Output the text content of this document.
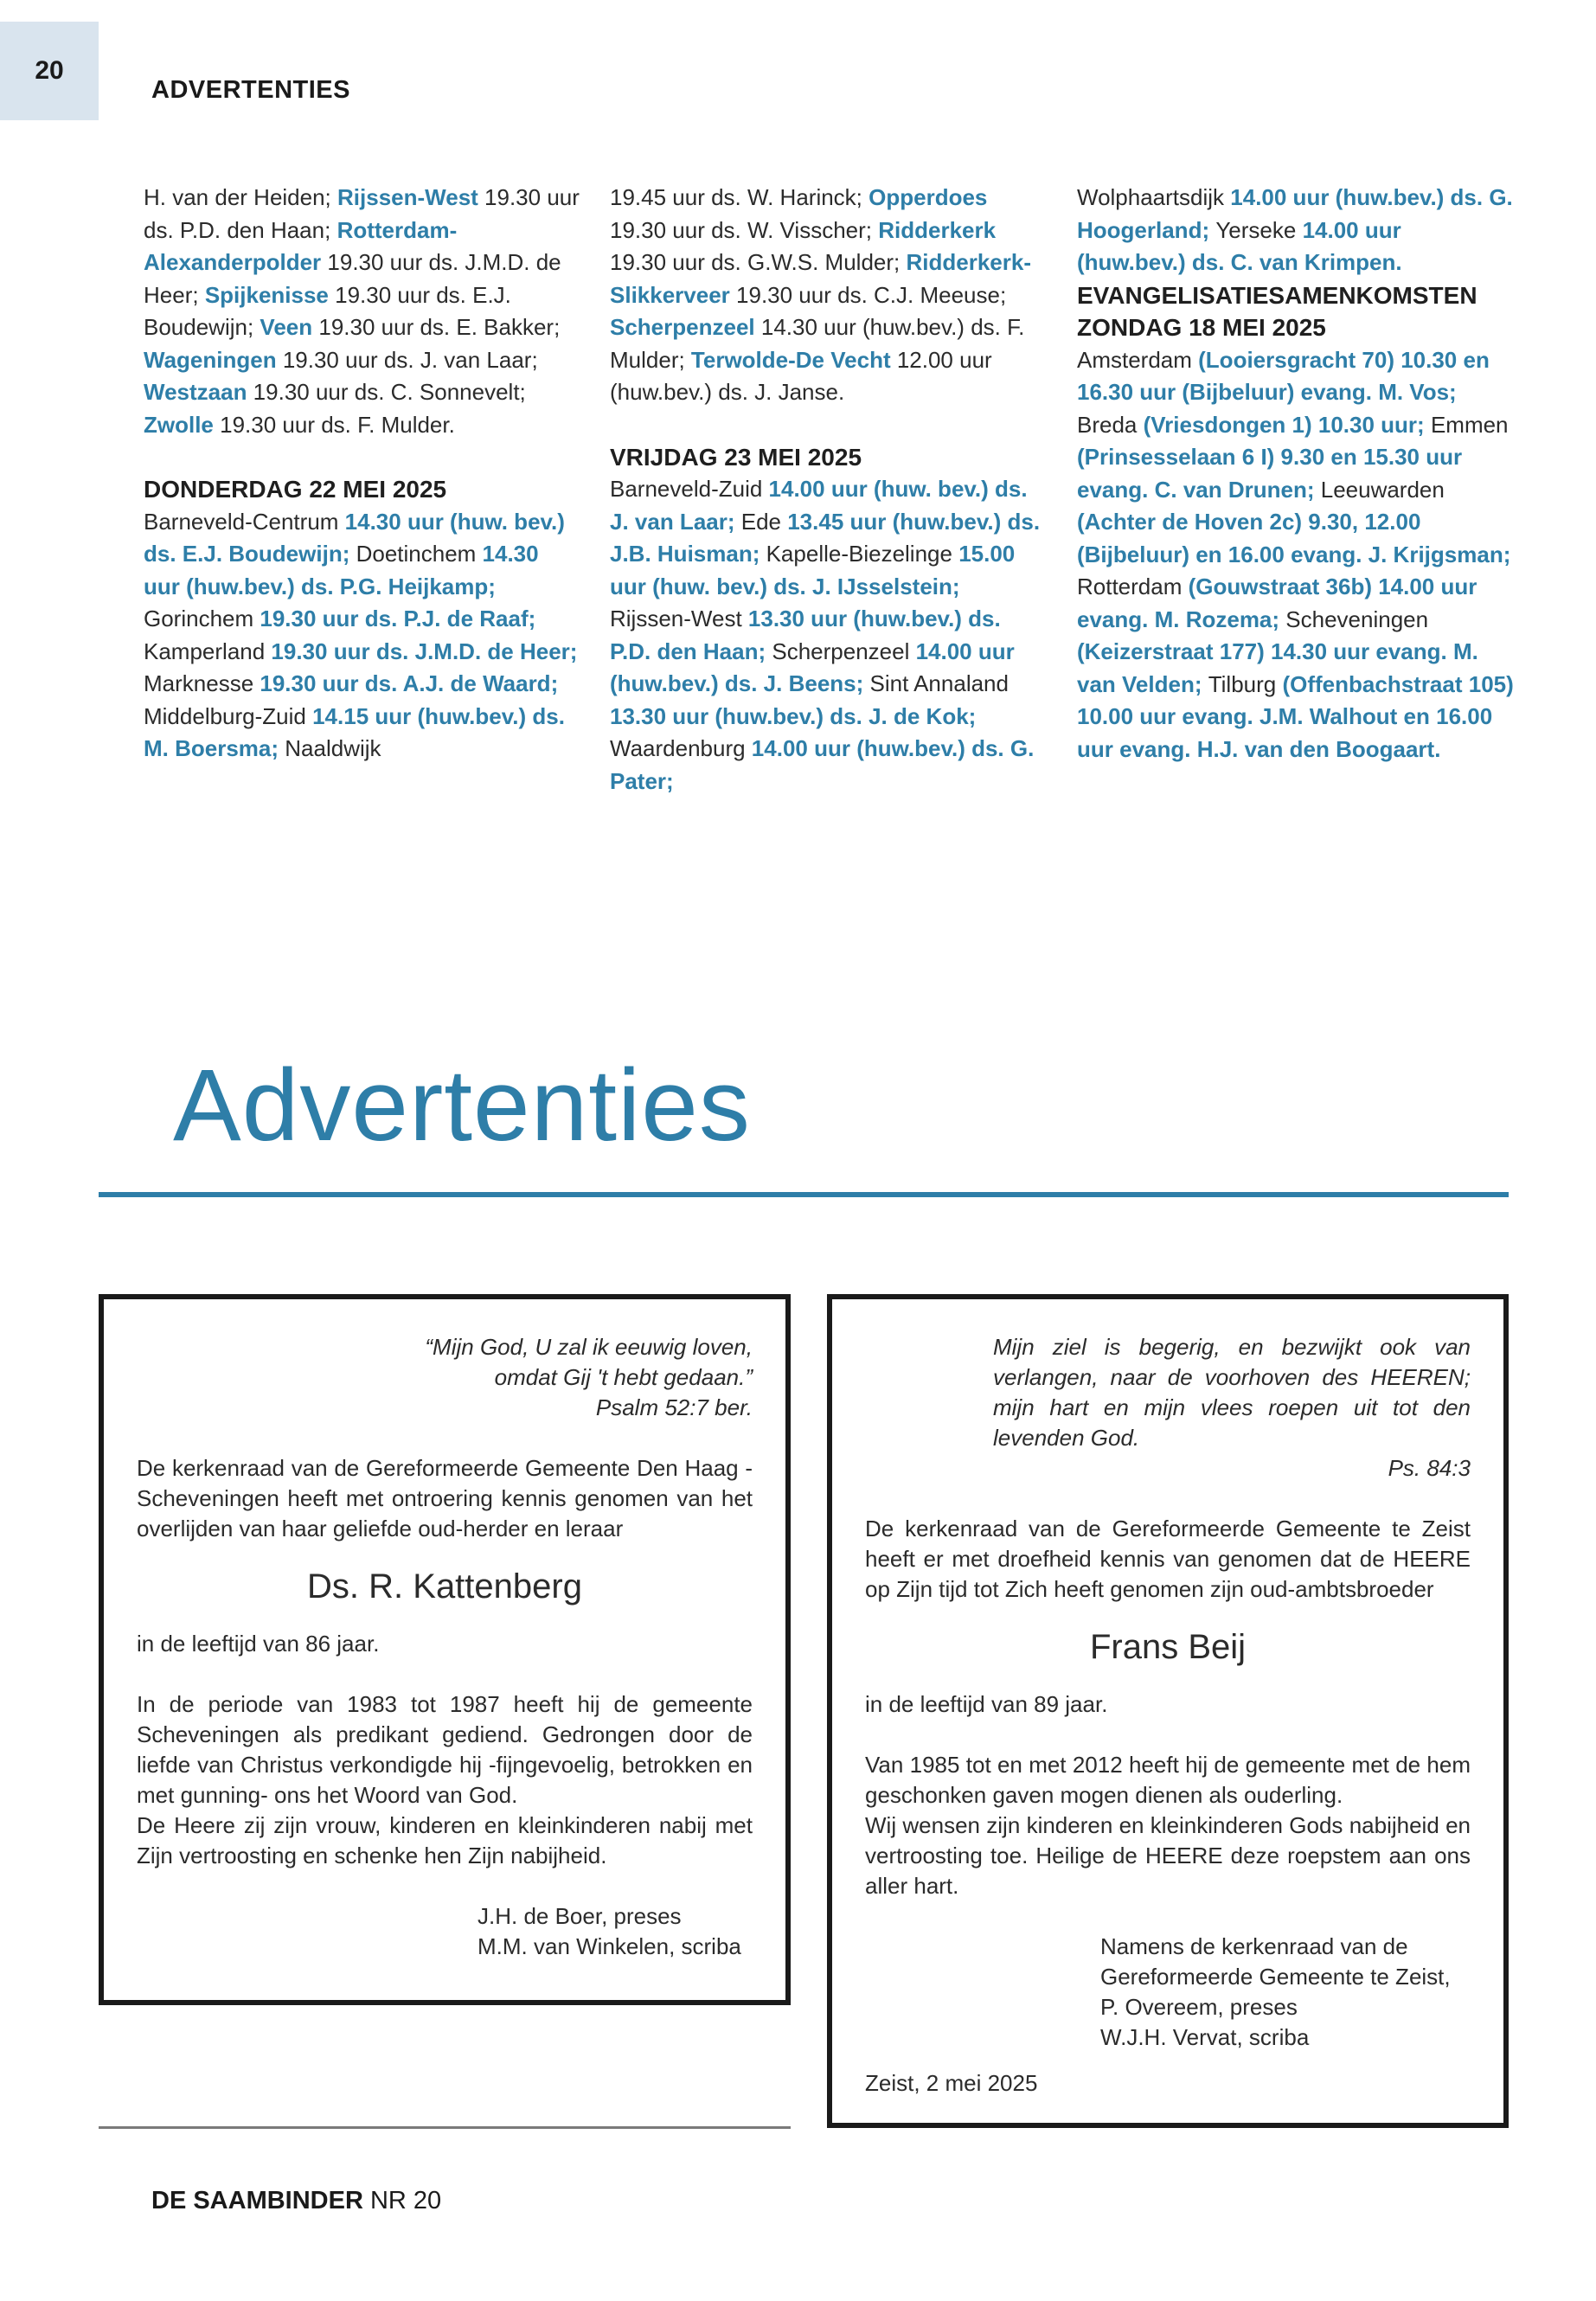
20
ADVERTENTIES

H. van der Heiden; Rijssen-West 19.30 uur ds. P.D. den Haan; Rotterdam-Alexanderpolder 19.30 uur ds. J.M.D. de Heer; Spijkenisse 19.30 uur ds. E.J. Boudewijn; Veen 19.30 uur ds. E. Bakker; Wageningen 19.30 uur ds. J. van Laar; Westzaan 19.30 uur ds. C. Sonnevelt; Zwolle 19.30 uur ds. F. Mulder.

DONDERDAG 22 MEI 2025

Barneveld-Centrum 14.30 uur (huw. bev.) ds. E.J. Boudewijn; Doetinchem 14.30 uur (huw.bev.) ds. P.G. Heijkamp; Gorinchem 19.30 uur ds. P.J. de Raaf; Kamperland 19.30 uur ds. J.M.D. de Heer; Marknesse 19.30 uur ds. A.J. de Waard; Middelburg-Zuid 14.15 uur (huw.bev.) ds. M. Boersma; Naaldwijk

19.45 uur ds. W. Harinck; Opperdoes 19.30 uur ds. W. Visscher; Ridderkerk 19.30 uur ds. G.W.S. Mulder; Ridderkerk-Slikkerveer 19.30 uur ds. C.J. Meeuse; Scherpenzeel 14.30 uur (huw.bev.) ds. F. Mulder; Terwolde-De Vecht 12.00 uur (huw.bev.) ds. J. Janse.

VRIJDAG 23 MEI 2025

Barneveld-Zuid 14.00 uur (huw. bev.) ds. J. van Laar; Ede 13.45 uur (huw.bev.) ds. J.B. Huisman; Kapelle-Biezelinge 15.00 uur (huw. bev.) ds. J. IJsselstein; Rijssen-West 13.30 uur (huw.bev.) ds. P.D. den Haan; Scherpenzeel 14.00 uur (huw.bev.) ds. J. Beens; Sint Annaland 13.30 uur (huw.bev.) ds. J. de Kok; Waardenburg 14.00 uur (huw.bev.) ds. G. Pater;

Wolphaartsdijk 14.00 uur (huw.bev.) ds. G. Hoogerland; Yerseke 14.00 uur (huw.bev.) ds. C. van Krimpen.

EVANGELISATIESAMENKOMSTEN
ZONDAG 18 MEI 2025

Amsterdam (Looiersgracht 70) 10.30 en 16.30 uur (Bijbeluur) evang. M. Vos; Breda (Vriesdongen 1) 10.30 uur; Emmen (Prinsesselaan 6 I) 9.30 en 15.30 uur evang. C. van Drunen; Leeuwarden (Achter de Hoven 2c) 9.30, 12.00 (Bijbeluur) en 16.00 evang. J. Krijgsman; Rotterdam (Gouwstraat 36b) 14.00 uur evang. M. Rozema; Scheveningen (Keizerstraat 177) 14.30 uur evang. M. van Velden; Tilburg (Offenbachstraat 105) 10.00 uur evang. J.M. Walhout en 16.00 uur evang. H.J. van den Boogaart.

Advertenties

“Mijn God, U zal ik eeuwig loven,

omdat Gij 't hebt gedaan.”

Psalm 52:7 ber.

De kerkenraad van de Gereformeerde Gemeente Den Haag - Scheveningen heeft met ontroering kennis genomen van het overlijden van haar geliefde oud-herder en leraar

Ds. R. Kattenberg

in de leeftijd van 86 jaar.

In de periode van 1983 tot 1987 heeft hij de gemeente Scheveningen als predikant gediend. Gedrongen door de liefde van Christus verkondigde hij -fijngevoelig, betrokken en met gunning- ons het Woord van God.

De Heere zij zijn vrouw, kinderen en kleinkinderen nabij met Zijn vertroosting en schenke hen Zijn nabijheid.

J.H. de Boer, preses

M.M. van Winkelen, scriba

Mijn ziel is begerig, en bezwijkt ook van verlangen, naar de voorhoven des HEEREN; mijn hart en mijn vlees roepen uit tot den levenden God.

Ps. 84:3

De kerkenraad van de Gereformeerde Gemeente te Zeist heeft er met droefheid kennis van genomen dat de HEERE op Zijn tijd tot Zich heeft genomen zijn oud-ambtsbroeder

Frans Beij

in de leeftijd van 89 jaar.

Van 1985 tot en met 2012 heeft hij de gemeente met de hem geschonken gaven mogen dienen als ouderling.

Wij wensen zijn kinderen en kleinkinderen Gods nabijheid en vertroosting toe. Heilige de HEERE deze roepstem aan ons aller hart.

Namens de kerkenraad van de

Gereformeerde Gemeente te Zeist,

P. Overeem, preses

W.J.H. Vervat, scriba

Zeist, 2 mei 2025

DE SAAMBINDER NR 20
